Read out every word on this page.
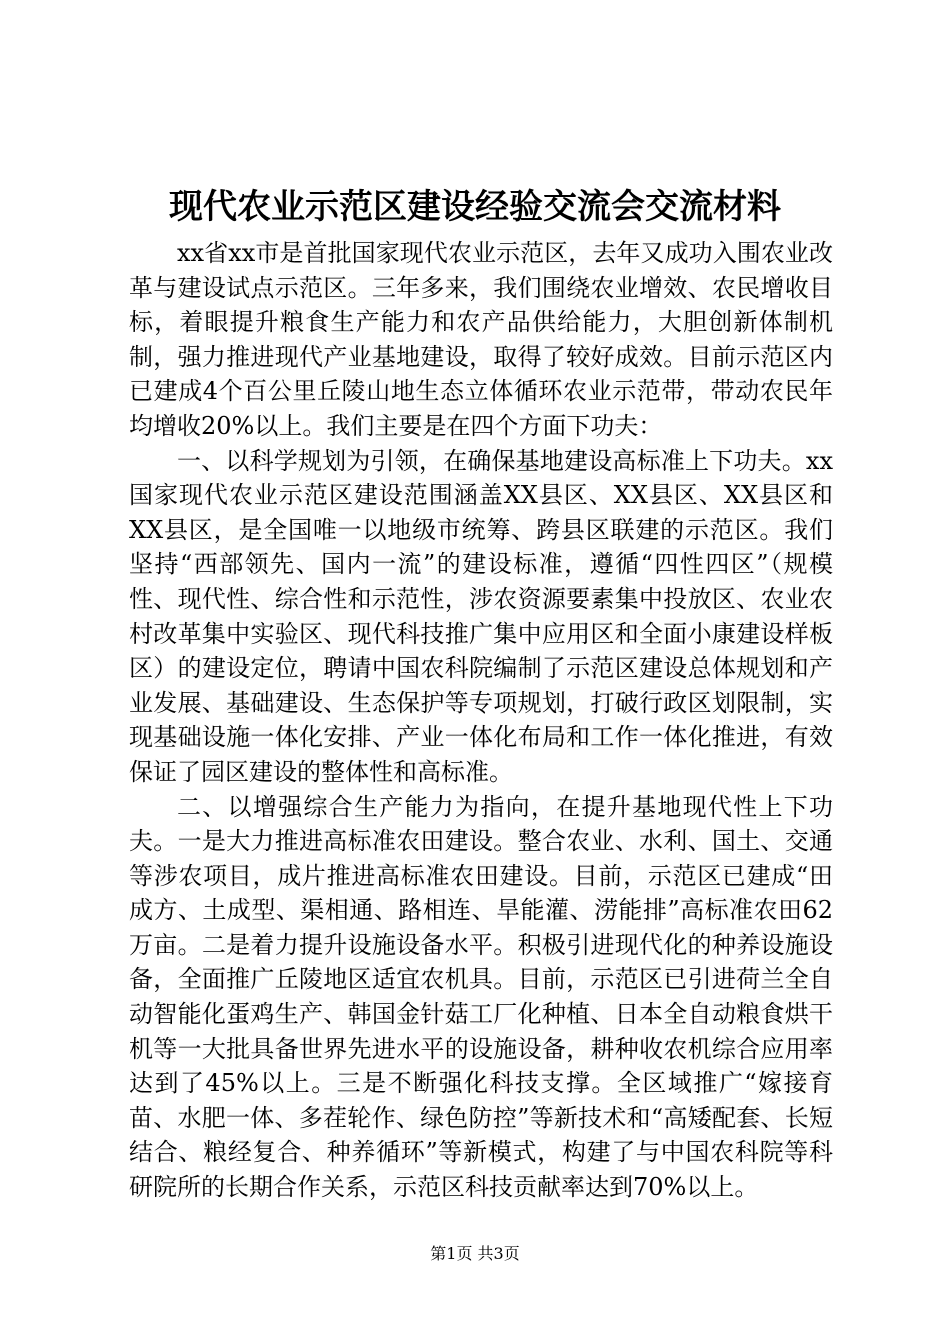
现代农业示范区建设经验交流会交流材料

xx省xx市是首批国家现代农业示范区，去年又成功入围农业改革与建设试点示范区。三年多来，我们围绕农业增效、农民增收目标，着眼提升粮食生产能力和农产品供给能力，大胆创新体制机制，强力推进现代产业基地建设，取得了较好成效。目前示范区内已建成4个百公里丘陵山地生态立体循环农业示范带，带动农民年均增收20%以上。我们主要是在四个方面下功夫：

一、以科学规划为引领，在确保基地建设高标准上下功夫。xx国家现代农业示范区建设范围涵盖XX县区、XX县区、XX县区和XX县区，是全国唯一以地级市统筹、跨县区联建的示范区。我们坚持“西部领先、国内一流”的建设标准，遵循“四性四区”（规模性、现代性、综合性和示范性，涉农资源要素集中投放区、农业农村改革集中实验区、现代科技推广集中应用区和全面小康建设样板区）的建设定位，聘请中国农科院编制了示范区建设总体规划和产业发展、基础建设、生态保护等专项规划，打破行政区划限制，实现基础设施一体化安排、产业一体化布局和工作一体化推进，有效保证了园区建设的整体性和高标准。

二、以增强综合生产能力为指向，在提升基地现代性上下功夫。一是大力推进高标准农田建设。整合农业、水利、国土、交通等涉农项目，成片推进高标准农田建设。目前，示范区已建成“田成方、土成型、渠相通、路相连、旱能灌、涝能排”高标准农田62万亩。二是着力提升设施设备水平。积极引进现代化的种养设施设备，全面推广丘陵地区适宜农机具。目前，示范区已引进荷兰全自动智能化蛋鸡生产、韩国金针菇工厂化种植、日本全自动粮食烘干机等一大批具备世界先进水平的设施设备，耕种收农机综合应用率达到了45%以上。三是不断强化科技支撑。全区域推广“嫁接育苗、水肥一体、多茬轮作、绿色防控”等新技术和“高矮配套、长短结合、粮经复合、种养循环”等新模式，构建了与中国农科院等科研院所的长期合作关系，示范区科技贡献率达到70%以上。

第1页 共3页
